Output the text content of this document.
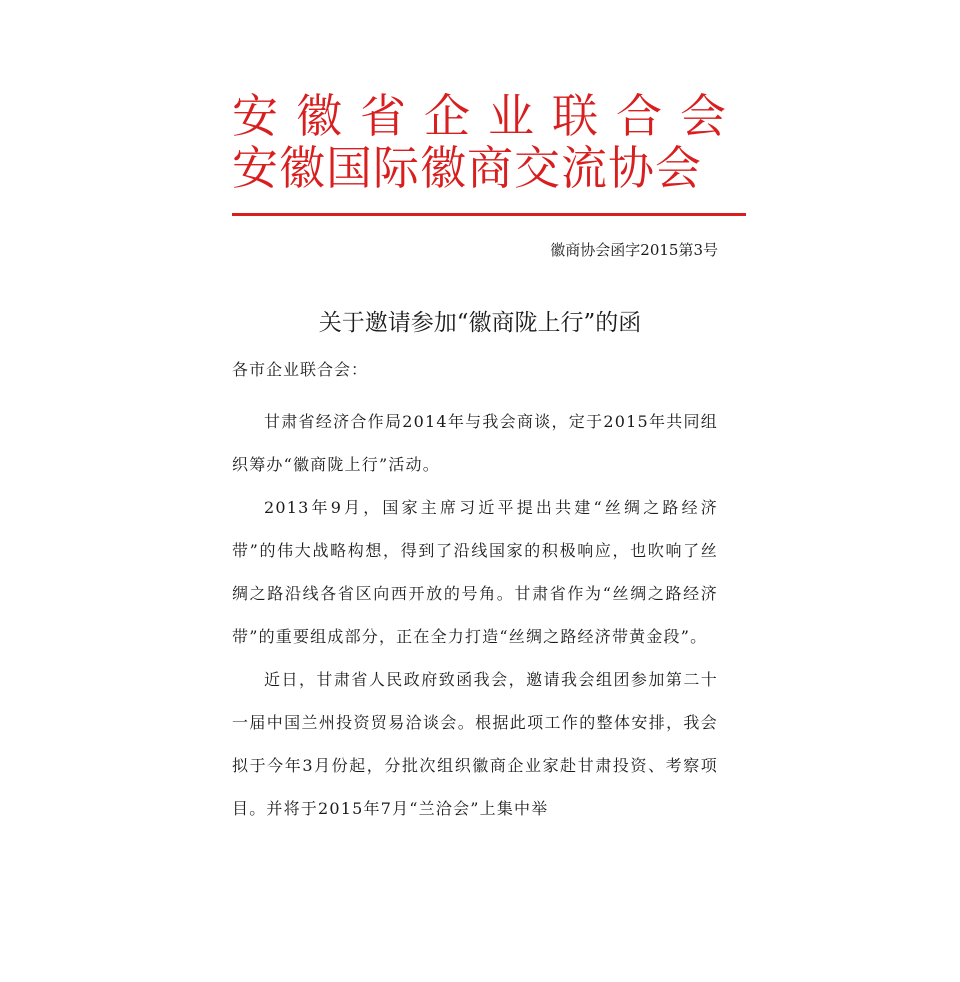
安徽省企业联合会
安徽国际徽商交流协会
徽商协会函字2015第3号
关于邀请参加“徽商陇上行”的函
各市企业联合会：

甘肃省经济合作局2014年与我会商谈，定于2015年共同组织筹办“徽商陇上行”活动。

2013年9月，国家主席习近平提出共建“丝绸之路经济带”的伟大战略构想，得到了沿线国家的积极响应，也吹响了丝绸之路沿线各省区向西开放的号角。甘肃省作为“丝绸之路经济带”的重要组成部分，正在全力打造“丝绸之路经济带黄金段”。

近日，甘肃省人民政府致函我会，邀请我会组团参加第二十一届中国兰州投资贸易洽谈会。根据此项工作的整体安排，我会拟于今年3月份起，分批次组织徽商企业家赴甘肃投资、考察项目。并将于2015年7月“兰洽会”上集中举
